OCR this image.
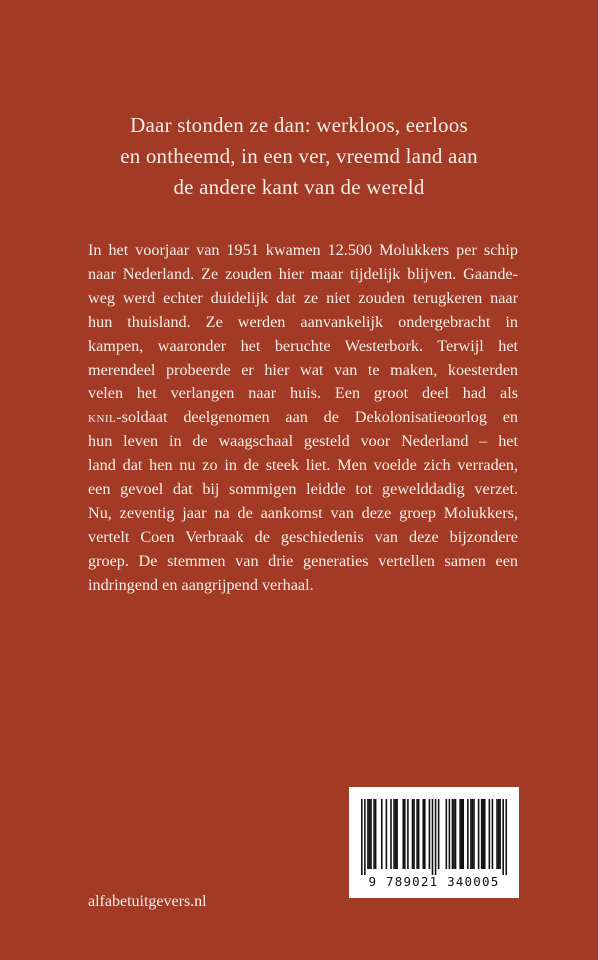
Daar stonden ze dan: werkloos, eerloos
en ontheemd, in een ver, vreemd land aan
de andere kant van de wereld
In het voorjaar van 1951 kwamen 12.500 Molukkers per schip
naar Nederland. Ze zouden hier maar tijdelijk blijven. Gaande-
weg werd echter duidelijk dat ze niet zouden terugkeren naar
hun thuisland. Ze werden aanvankelijk ondergebracht in
kampen, waaronder het beruchte Westerbork. Terwijl het
merendeel probeerde er hier wat van te maken, koesterden
velen het verlangen naar huis. Een groot deel had als
knil-soldaat deelgenomen aan de Dekolonisatieoorlog en
hun leven in de waagschaal gesteld voor Nederland – het
land dat hen nu zo in de steek liet. Men voelde zich verraden,
een gevoel dat bij sommigen leidde tot gewelddadig verzet.
Nu, zeventig jaar na de aankomst van deze groep Molukkers,
vertelt Coen Verbraak de geschiedenis van deze bijzondere
groep. De stemmen van drie generaties vertellen samen een
indringend en aangrijpend verhaal.
9 789021 340005
alfabetuitgevers.nl
